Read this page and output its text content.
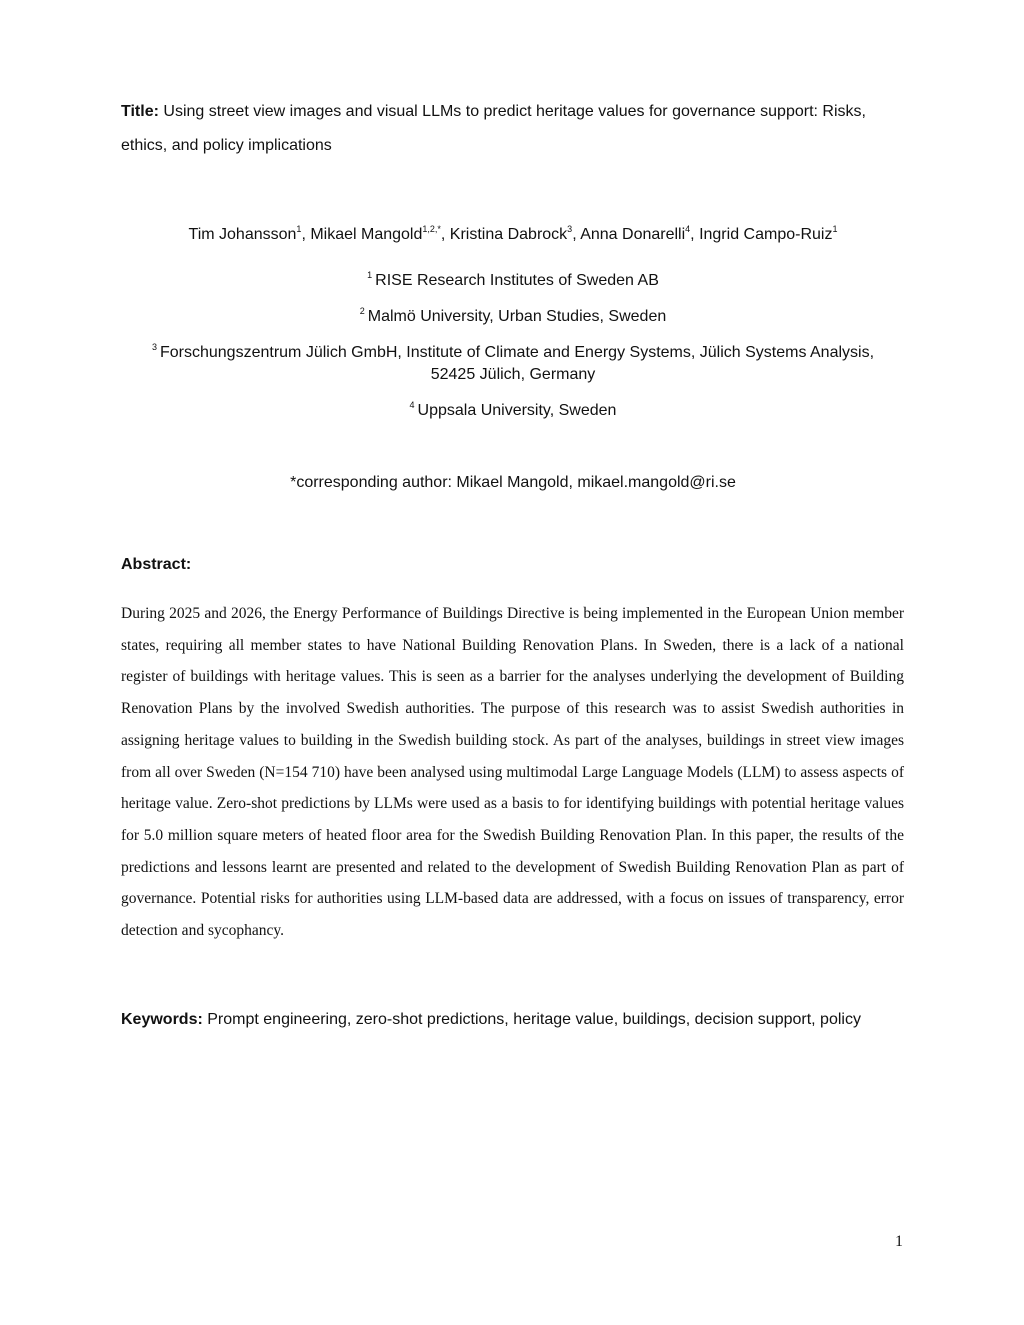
Title: Using street view images and visual LLMs to predict heritage values for governance support: Risks, ethics, and policy implications
Tim Johansson$^1$, Mikael Mangold$^{1,2,*}$, Kristina Dabrock$^3$, Anna Donarelli$^4$, Ingrid Campo-Ruiz$^1$
$^1$ RISE Research Institutes of Sweden AB
$^2$ Malmö University, Urban Studies, Sweden
$^3$ Forschungszentrum Jülich GmbH, Institute of Climate and Energy Systems, Jülich Systems Analysis,
52425 Jülich, Germany
$^4$ Uppsala University, Sweden
*corresponding author: Mikael Mangold, mikael.mangold@ri.se
Abstract:
During 2025 and 2026, the Energy Performance of Buildings Directive is being implemented in the European Union member states, requiring all member states to have National Building Renovation Plans. In Sweden, there is a lack of a national register of buildings with heritage values. This is seen as a barrier for the analyses underlying the development of Building Renovation Plans by the involved Swedish authorities. The purpose of this research was to assist Swedish authorities in assigning heritage values to building in the Swedish building stock. As part of the analyses, buildings in street view images from all over Sweden (N=154 710) have been analysed using multimodal Large Language Models (LLM) to assess aspects of heritage value. Zero-shot predictions by LLMs were used as a basis to for identifying buildings with potential heritage values for 5.0 million square meters of heated floor area for the Swedish Building Renovation Plan. In this paper, the results of the predictions and lessons learnt are presented and related to the development of Swedish Building Renovation Plan as part of governance. Potential risks for authorities using LLM-based data are addressed, with a focus on issues of transparency, error detection and sycophancy.
Keywords: Prompt engineering, zero-shot predictions, heritage value, buildings, decision support, policy
1
